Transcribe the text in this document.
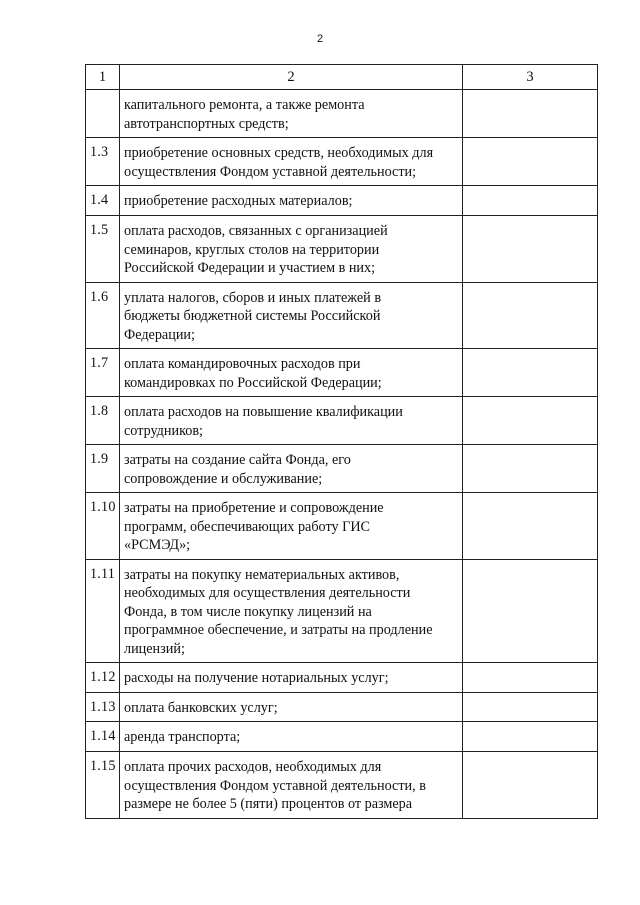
2
1	2	3

	капитального ремонта, а также ремонта
автотранспортных средств;	

1.3	приобретение основных средств, необходимых для
осуществления Фондом уставной деятельности;	

1.4	приобретение расходных материалов;	

1.5	оплата расходов, связанных с организацией
семинаров, круглых столов на территории
Российской Федерации и участием в них;	

1.6	уплата налогов, сборов и иных платежей в
бюджеты бюджетной системы Российской
Федерации;	

1.7	оплата командировочных расходов при
командировках по Российской Федерации;	

1.8	оплата расходов на повышение квалификации
сотрудников;	

1.9	затраты на создание сайта Фонда, его
сопровождение и обслуживание;	

1.10	затраты на приобретение и сопровождение
программ, обеспечивающих работу ГИС
«РСМЭД»;	

1.11	затраты на покупку нематериальных активов,
необходимых для осуществления деятельности
Фонда, в том числе покупку лицензий на
программное обеспечение, и затраты на продление
лицензий;	

1.12	расходы на получение нотариальных услуг;	

1.13	оплата банковских услуг;	

1.14	аренда транспорта;	

1.15	оплата прочих расходов, необходимых для
осуществления Фондом уставной деятельности, в
размере не более 5 (пяти) процентов от размера	
